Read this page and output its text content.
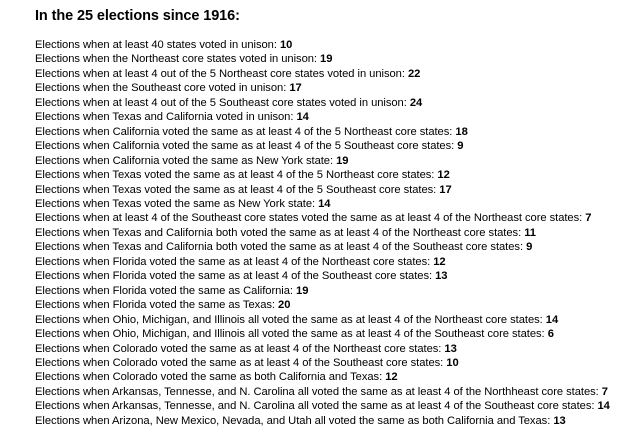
In the 25 elections since 1916:
Elections when at least 40 states voted in unison: 10
Elections when the Northeast core states voted in unison: 19
Elections when at least 4 out of the 5 Northeast core states voted in unison: 22
Elections when the Southeast core voted in unison: 17
Elections when at least 4 out of the 5 Southeast core states voted in unison: 24
Elections when Texas and California voted in unison: 14
Elections when California voted the same as at least 4 of the 5 Northeast core states: 18
Elections when California voted the same as at least 4 of the 5 Southeast core states: 9
Elections when California voted the same as New York state: 19
Elections when Texas voted the same as at least 4 of the 5 Northeast core states: 12
Elections when Texas voted the same as at least 4 of the 5 Southeast core states: 17
Elections when Texas voted the same as New York state: 14
Elections when at least 4 of the Southeast core states voted the same as at least 4 of the Northeast core states: 7
Elections when Texas and California both voted the same as at least 4 of the Northeast core states: 11
Elections when Texas and California both voted the same as at least 4 of the Southeast core states: 9
Elections when Florida voted the same as at least 4 of the Northeast core states: 12
Elections when Florida voted the same as at least 4 of the Southeast core states: 13
Elections when Florida voted the same as California: 19
Elections when Florida voted the same as Texas: 20
Elections when Ohio, Michigan, and Illinois all voted the same as at least 4 of the Northeast core states: 14
Elections when Ohio, Michigan, and Illinois all voted the same as at least 4 of the Southeast core states: 6
Elections when Colorado voted the same as at least 4 of the Northeast core states: 13
Elections when Colorado voted the same as at least 4 of the Southeast core states: 10
Elections when Colorado voted the same as both California and Texas: 12
Elections when Arkansas, Tennesse, and N. Carolina all voted the same as at least 4 of the Northheast core states: 7
Elections when Arkansas, Tennesse, and N. Carolina all voted the same as at least 4 of the Southeast core states: 14
Elections when Arizona, New Mexico, Nevada, and Utah all voted the same as both California and Texas: 13
